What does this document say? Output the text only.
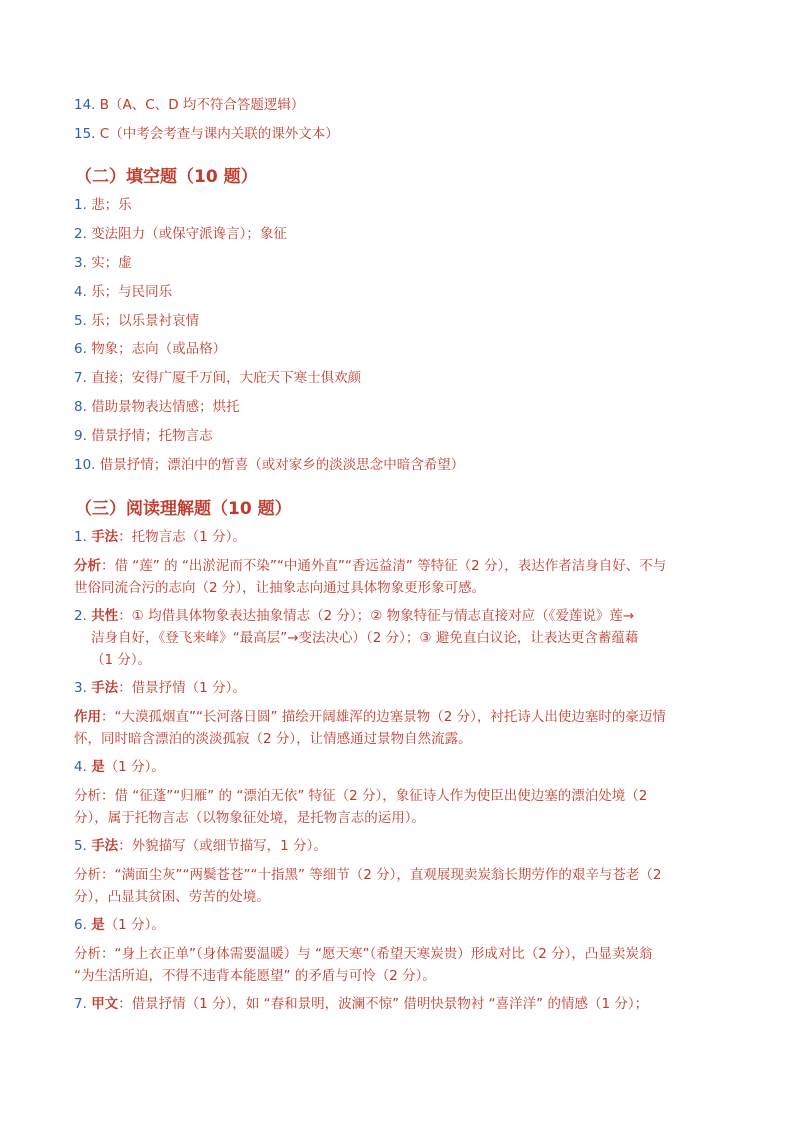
14. B（A、C、D 均不符合答题逻辑）
15. C（中考会考查与课内关联的课外文本）
（二）填空题（10 题）
1. 悲；乐
2. 变法阻力（或保守派谗言）；象征
3. 实；虚
4. 乐；与民同乐
5. 乐；以乐景衬哀情
6. 物象；志向（或品格）
7. 直接；安得广厦千万间，大庇天下寒士俱欢颜
8. 借助景物表达情感；烘托
9. 借景抒情；托物言志
10. 借景抒情；漂泊中的暂喜（或对家乡的淡淡思念中暗含希望）
（三）阅读理解题（10 题）
1. 手法：托物言志（1 分）。
分析：借 “莲” 的 “出淤泥而不染”“中通外直”“香远益清” 等特征（2 分），表达作者洁身自好、不与
世俗同流合污的志向（2 分），让抽象志向通过具体物象更形象可感。
2. 共性：① 均借具体物象表达抽象情志（2 分）；② 物象特征与情志直接对应（《爱莲说》莲→
洁身自好，《登飞来峰》“最高层”→变法决心）（2 分）；③ 避免直白议论，让表达更含蓄蕴藉
（1 分）。
3. 手法：借景抒情（1 分）。
作用：“大漠孤烟直”“长河落日圆” 描绘开阔雄浑的边塞景物（2 分），衬托诗人出使边塞时的豪迈情
怀，同时暗含漂泊的淡淡孤寂（2 分），让情感通过景物自然流露。
4. 是（1 分）。
分析：借 “征蓬”“归雁” 的 “漂泊无依” 特征（2 分），象征诗人作为使臣出使边塞的漂泊处境（2
分），属于托物言志（以物象征处境，是托物言志的运用）。
5. 手法：外貌描写（或细节描写，1 分）。
分析：“满面尘灰”“两鬓苍苍”“十指黑” 等细节（2 分），直观展现卖炭翁长期劳作的艰辛与苍老（2
分），凸显其贫困、劳苦的处境。
6. 是（1 分）。
分析：“身上衣正单”（身体需要温暖）与 “愿天寒”（希望天寒炭贵）形成对比（2 分），凸显卖炭翁
“为生活所迫，不得不违背本能愿望” 的矛盾与可怜（2 分）。
7. 甲文：借景抒情（1 分），如 “春和景明，波澜不惊” 借明快景物衬 “喜洋洋” 的情感（1 分）；
